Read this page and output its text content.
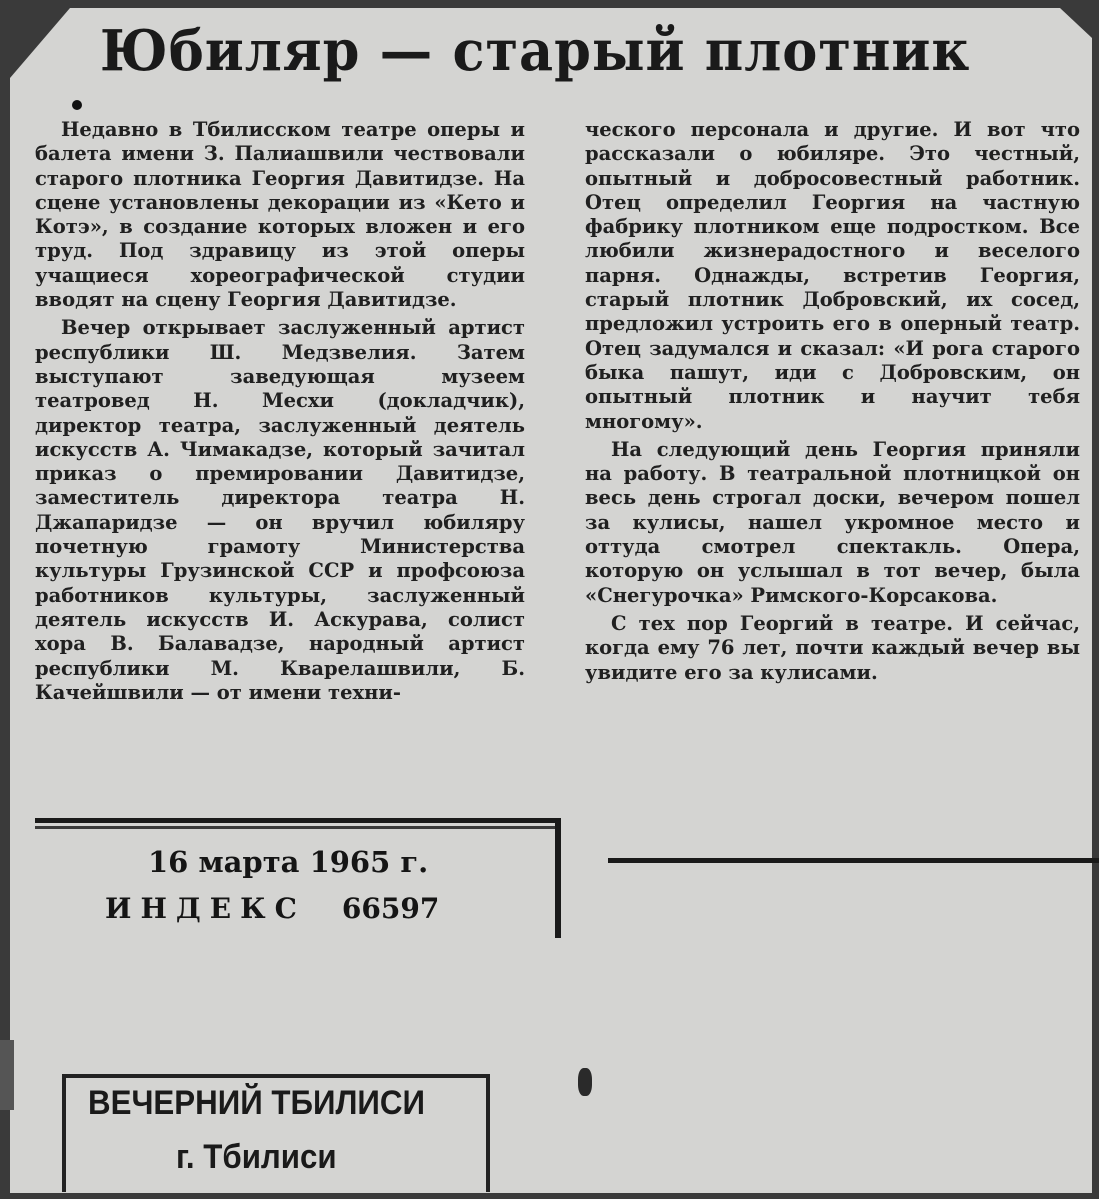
Юбиляр — старый плотник

Недавно в Тбилисском театре оперы и балета имени З. Палиашвили чествовали старого плотника Георгия Давитидзе. На сцене установлены декорации из «Кето и Котэ», в создание которых вложен и его труд. Под здравицу из этой оперы учащиеся хореографической студии вводят на сцену Георгия Давитидзе.

Вечер открывает заслуженный артист республики Ш. Медзвелия. Затем выступают заведующая музеем театровед Н. Месхи (докладчик), директор театра, заслуженный деятель искусств А. Чимакадзе, который зачитал приказ о премировании Давитидзе, заместитель директора театра Н. Джапаридзе — он вручил юбиляру почетную грамоту Министерства культуры Грузинской ССР и профсоюза работников культуры, заслуженный деятель искусств И. Аскурава, солист хора В. Балавадзе, народный артист республики М. Кварелашвили, Б. Качейшвили — от имени техни-

ческого персонала и другие. И вот что рассказали о юбиляре. Это честный, опытный и добросовестный работник. Отец определил Георгия на частную фабрику плотником еще подростком. Все любили жизнерадостного и веселого парня. Однажды, встретив Георгия, старый плотник Добровский, их сосед, предложил устроить его в оперный театр. Отец задумался и сказал: «И рога старого быка пашут, иди с Добровским, он опытный плотник и научит тебя многому».

На следующий день Георгия приняли на работу. В театральной плотницкой он весь день строгал доски, вечером пошел за кулисы, нашел укромное место и оттуда смотрел спектакль. Опера, которую он услышал в тот вечер, была «Снегурочка» Римского-Корсакова.

С тех пор Георгий в театре. И сейчас, когда ему 76 лет, почти каждый вечер вы увидите его за кулисами.

16 марта 1965 г.
ИНДЕКС 66597
ВЕЧЕРНИЙ ТБИЛИСИ
г. Тбилиси
